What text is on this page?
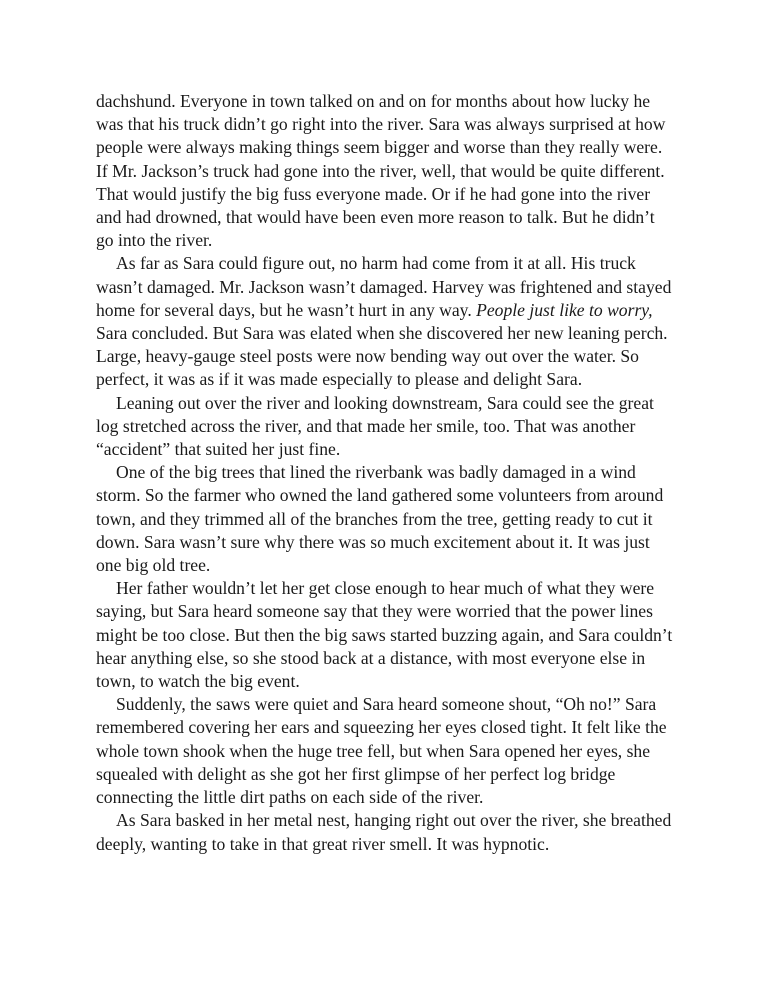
dachshund. Everyone in town talked on and on for months about how lucky he was that his truck didn’t go right into the river. Sara was always surprised at how people were always making things seem bigger and worse than they really were. If Mr. Jackson’s truck had gone into the river, well, that would be quite different. That would justify the big fuss everyone made. Or if he had gone into the river and had drowned, that would have been even more reason to talk. But he didn’t go into the river.

As far as Sara could figure out, no harm had come from it at all. His truck wasn’t damaged. Mr. Jackson wasn’t damaged. Harvey was frightened and stayed home for several days, but he wasn’t hurt in any way. People just like to worry, Sara concluded. But Sara was elated when she discovered her new leaning perch. Large, heavy-gauge steel posts were now bending way out over the water. So perfect, it was as if it was made especially to please and delight Sara.

Leaning out over the river and looking downstream, Sara could see the great log stretched across the river, and that made her smile, too. That was another “accident” that suited her just fine.

One of the big trees that lined the riverbank was badly damaged in a wind storm. So the farmer who owned the land gathered some volunteers from around town, and they trimmed all of the branches from the tree, getting ready to cut it down. Sara wasn’t sure why there was so much excitement about it. It was just one big old tree.

Her father wouldn’t let her get close enough to hear much of what they were saying, but Sara heard someone say that they were worried that the power lines might be too close. But then the big saws started buzzing again, and Sara couldn’t hear anything else, so she stood back at a distance, with most everyone else in town, to watch the big event.

Suddenly, the saws were quiet and Sara heard someone shout, “Oh no!” Sara remembered covering her ears and squeezing her eyes closed tight. It felt like the whole town shook when the huge tree fell, but when Sara opened her eyes, she squealed with delight as she got her first glimpse of her perfect log bridge connecting the little dirt paths on each side of the river.

As Sara basked in her metal nest, hanging right out over the river, she breathed deeply, wanting to take in that great river smell. It was hypnotic.
